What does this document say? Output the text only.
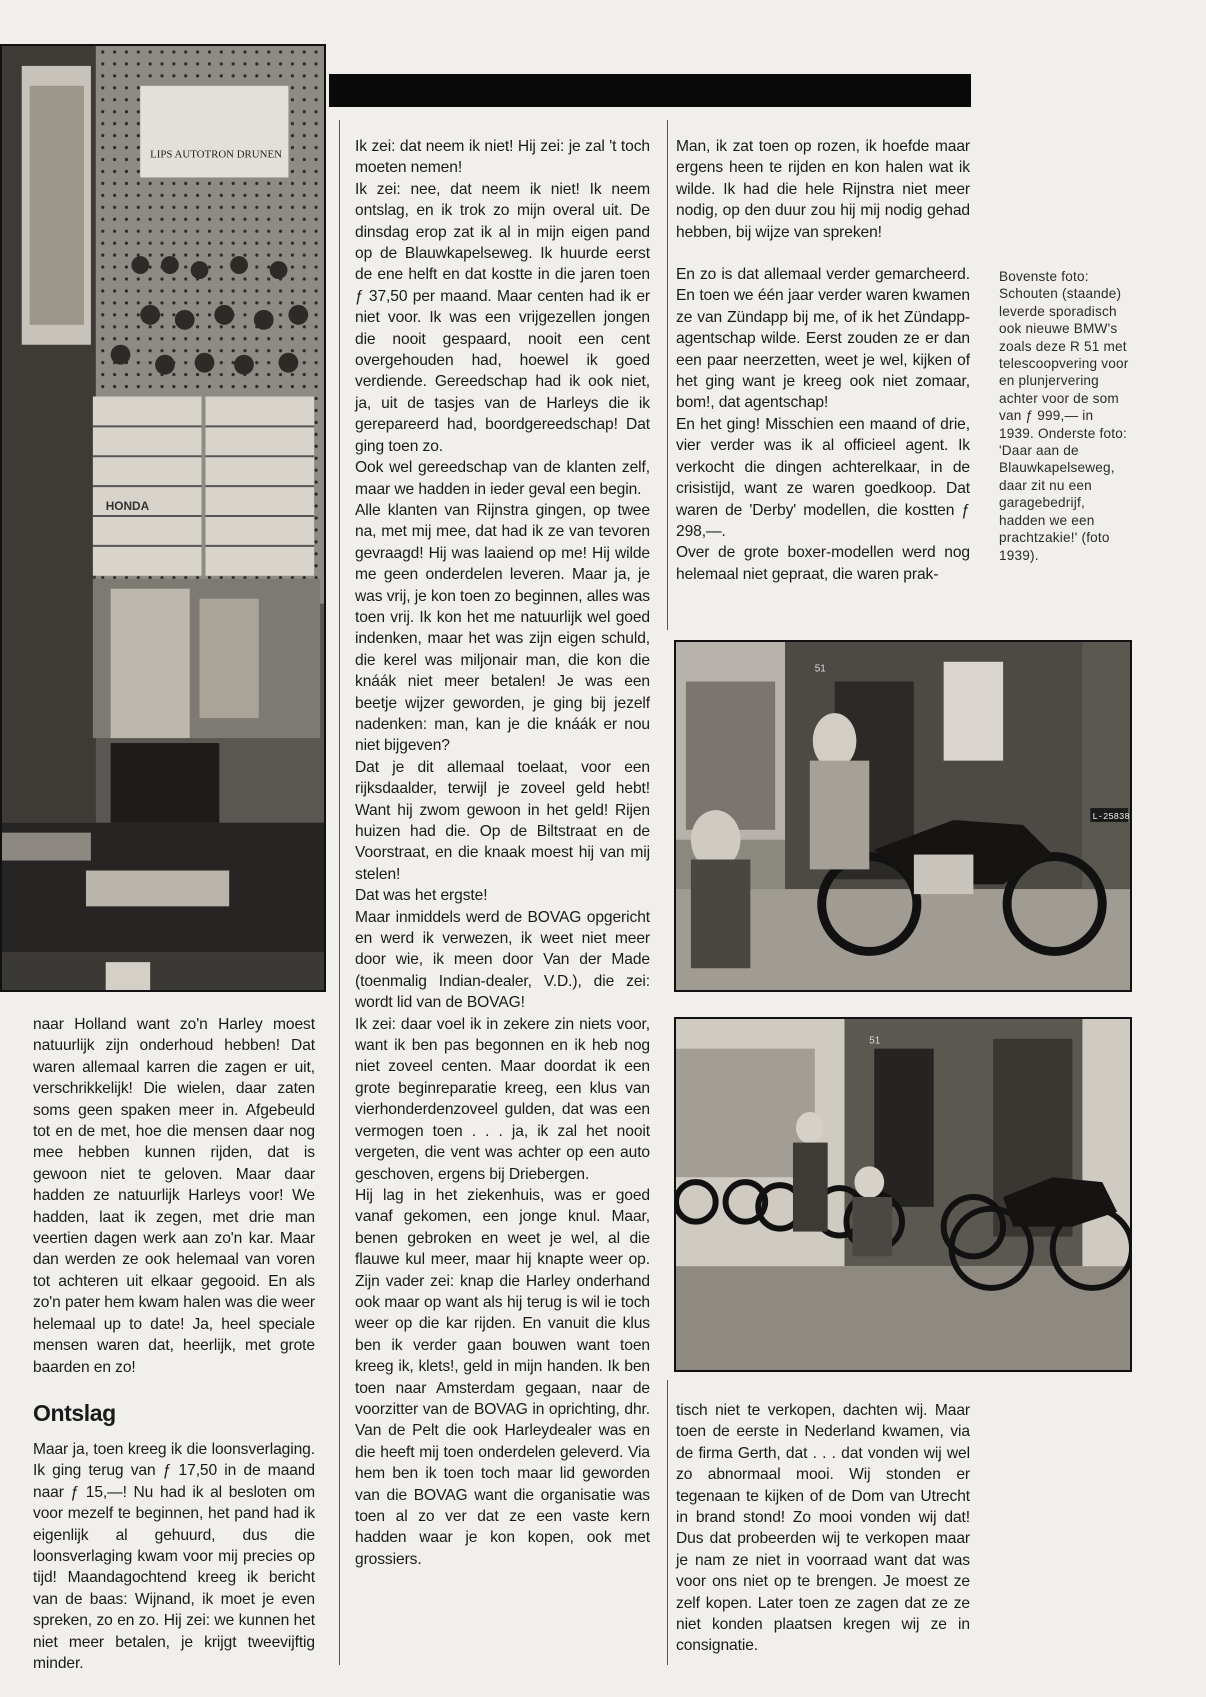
LIPS AUTOTRON DRUNEN
HONDA
L-25838
51
51

naar Holland want zo'n Harley moest natuurlijk zijn onderhoud hebben! Dat waren allemaal karren die zagen er uit, verschrikkelijk! Die wielen, daar zaten soms geen spaken meer in. Afgebeuld tot en de met, hoe die mensen daar nog mee hebben kunnen rijden, dat is gewoon niet te geloven. Maar daar hadden ze natuurlijk Harleys voor! We hadden, laat ik zegen, met drie man veertien dagen werk aan zo'n kar. Maar dan werden ze ook helemaal van voren tot achteren uit elkaar gegooid. En als zo'n pater hem kwam halen was die weer helemaal up to date! Ja, heel speciale mensen waren dat, heerlijk, met grote baarden en zo!

Ontslag

Maar ja, toen kreeg ik die loonsverlaging. Ik ging terug van ƒ 17,50 in de maand naar ƒ 15,—! Nu had ik al besloten om voor mezelf te beginnen, het pand had ik eigenlijk al gehuurd, dus die loonsverlaging kwam voor mij precies op tijd! Maandagochtend kreeg ik bericht van de baas: Wijnand, ik moet je even spreken, zo en zo. Hij zei: we kunnen het niet meer betalen, je krijgt tweevijftig minder.

Ik zei: dat neem ik niet! Hij zei: je zal 't toch moeten nemen!

Ik zei: nee, dat neem ik niet! Ik neem ontslag, en ik trok zo mijn overal uit. De dinsdag erop zat ik al in mijn eigen pand op de Blauwkapelseweg. Ik huurde eerst de ene helft en dat kostte in die jaren toen ƒ 37,50 per maand. Maar centen had ik er niet voor. Ik was een vrijgezellen jongen die nooit gespaard, nooit een cent overgehouden had, hoewel ik goed verdiende. Gereedschap had ik ook niet, ja, uit de tasjes van de Harleys die ik gerepareerd had, boordgereedschap! Dat ging toen zo.

Ook wel gereedschap van de klanten zelf, maar we hadden in ieder geval een begin.

Alle klanten van Rijnstra gingen, op twee na, met mij mee, dat had ik ze van tevoren gevraagd! Hij was laaiend op me! Hij wilde me geen onderdelen leveren. Maar ja, je was vrij, je kon toen zo beginnen, alles was toen vrij. Ik kon het me natuurlijk wel goed indenken, maar het was zijn eigen schuld, die kerel was miljonair man, die kon die knáák niet meer betalen! Je was een beetje wijzer geworden, je ging bij jezelf nadenken: man, kan je die knáák er nou niet bijgeven?

Dat je dit allemaal toelaat, voor een rijksdaalder, terwijl je zoveel geld hebt! Want hij zwom gewoon in het geld! Rijen huizen had die. Op de Biltstraat en de Voorstraat, en die knaak moest hij van mij stelen!

Dat was het ergste!

Maar inmiddels werd de BOVAG opgericht en werd ik verwezen, ik weet niet meer door wie, ik meen door Van der Made (toenmalig Indian-dealer, V.D.), die zei: wordt lid van de BOVAG!

Ik zei: daar voel ik in zekere zin niets voor, want ik ben pas begonnen en ik heb nog niet zoveel centen. Maar doordat ik een grote beginreparatie kreeg, een klus van vierhonderdenzoveel gulden, dat was een vermogen toen . . . ja, ik zal het nooit vergeten, die vent was achter op een auto geschoven, ergens bij Driebergen.

Hij lag in het ziekenhuis, was er goed vanaf gekomen, een jonge knul. Maar, benen gebroken en weet je wel, al die flauwe kul meer, maar hij knapte weer op. Zijn vader zei: knap die Harley onderhand ook maar op want als hij terug is wil ie toch weer op die kar rijden. En vanuit die klus ben ik verder gaan bouwen want toen kreeg ik, klets!, geld in mijn handen. Ik ben toen naar Amsterdam gegaan, naar de voorzitter van de BOVAG in oprichting, dhr. Van de Pelt die ook Harleydealer was en die heeft mij toen onderdelen geleverd. Via hem ben ik toen toch maar lid geworden van die BOVAG want die organisatie was toen al zo ver dat ze een vaste kern hadden waar je kon kopen, ook met grossiers.

Man, ik zat toen op rozen, ik hoefde maar ergens heen te rijden en kon halen wat ik wilde. Ik had die hele Rijnstra niet meer nodig, op den duur zou hij mij nodig gehad hebben, bij wijze van spreken!

En zo is dat allemaal verder gemarcheerd. En toen we één jaar verder waren kwamen ze van Zündapp bij me, of ik het Zündapp-agentschap wilde. Eerst zouden ze er dan een paar neerzetten, weet je wel, kijken of het ging want je kreeg ook niet zomaar, bom!, dat agentschap!

En het ging! Misschien een maand of drie, vier verder was ik al officieel agent. Ik verkocht die dingen achterelkaar, in de crisistijd, want ze waren goedkoop. Dat waren de 'Derby' modellen, die kostten ƒ 298,—.

Over de grote boxer-modellen werd nog helemaal niet gepraat, die waren prak-

tisch niet te verkopen, dachten wij. Maar toen de eerste in Nederland kwamen, via de firma Gerth, dat . . . dat vonden wij wel zo abnormaal mooi. Wij stonden er tegenaan te kijken of de Dom van Utrecht in brand stond! Zo mooi vonden wij dat! Dus dat probeerden wij te verkopen maar je nam ze niet in voorraad want dat was voor ons niet op te brengen. Je moest ze zelf kopen. Later toen ze zagen dat ze ze niet konden plaatsen kregen wij ze in consignatie.

Bovenste foto: Schouten (staande) leverde sporadisch ook nieuwe BMW's zoals deze R 51 met telescoopvering voor en plunjervering achter voor de som van ƒ 999,— in 1939. Onderste foto: 'Daar aan de Blauwkapelseweg, daar zit nu een garagebedrijf, hadden we een prachtzakie!' (foto 1939).
